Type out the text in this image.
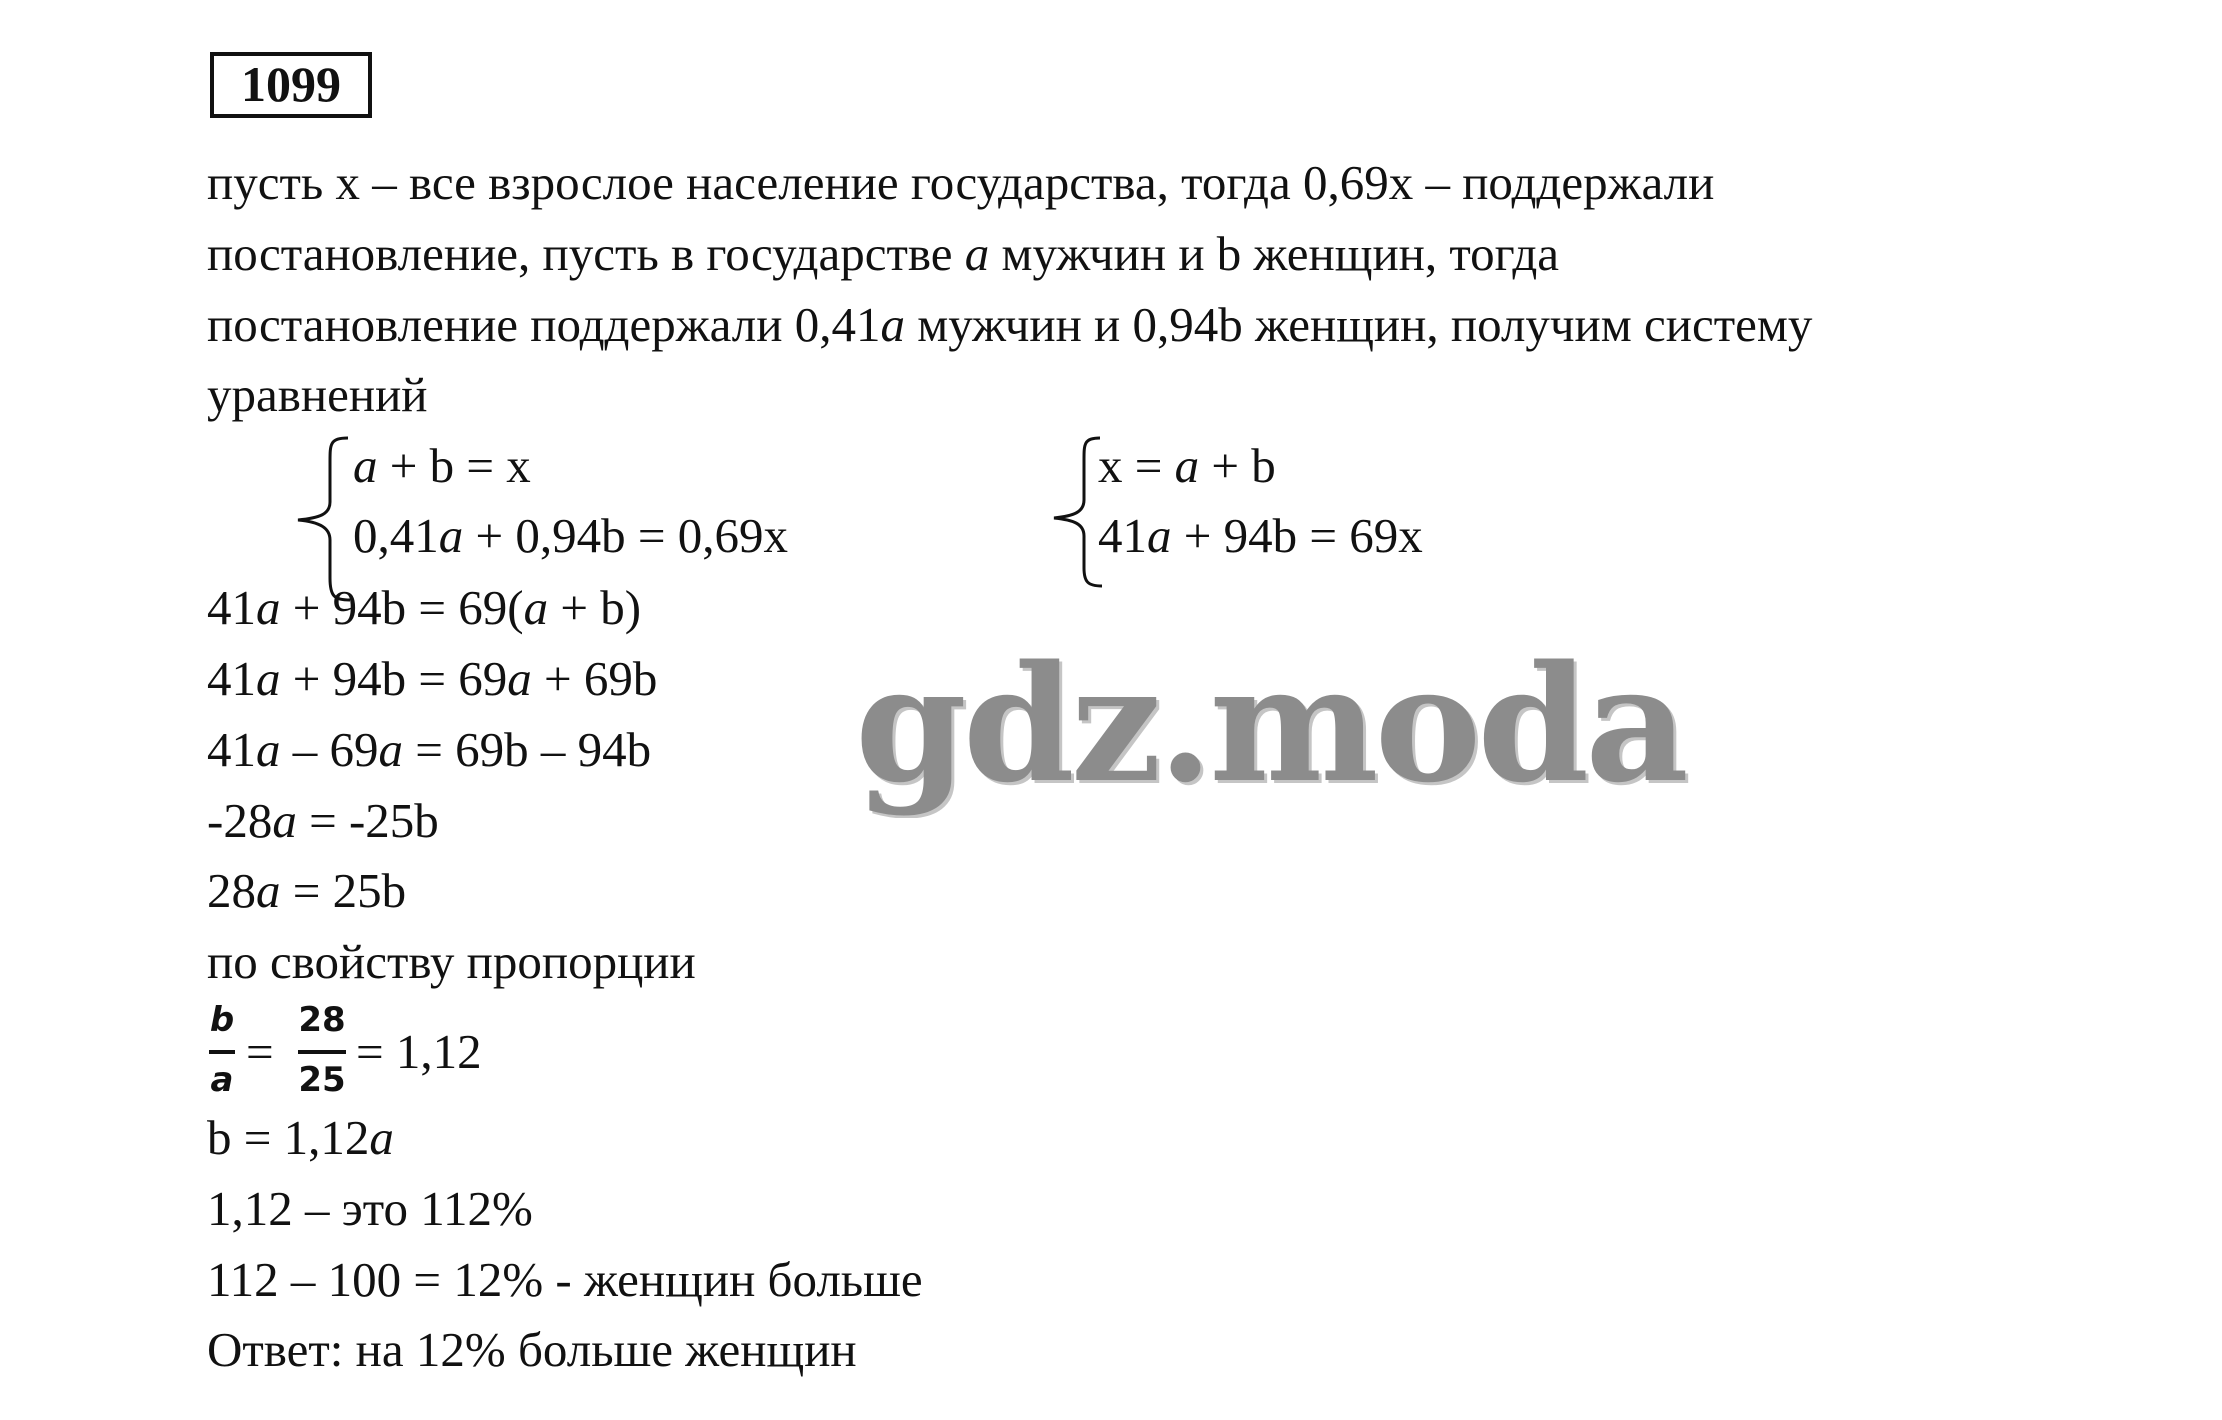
1099
пусть x – все взрослое население государства, тогда 0,69x – поддержали
постановление, пусть в государстве a мужчин и b женщин, тогда
постановление поддержали 0,41a мужчин и 0,94b женщин, получим систему
уравнений
a + b = x
0,41a + 0,94b = 0,69x
x = a + b
41a + 94b = 69x
41a + 94b = 69(a + b)
41a + 94b = 69a + 69b
41a – 69a = 69b – 94b
-28a = -25b
28a = 25b
по свойству пропорции
b
a
=
28
25
= 1,12
b = 1,12a
1,12 – это 112%
112 – 100 = 12% - женщин больше
Ответ: на 12% больше женщин
gdz.moda
